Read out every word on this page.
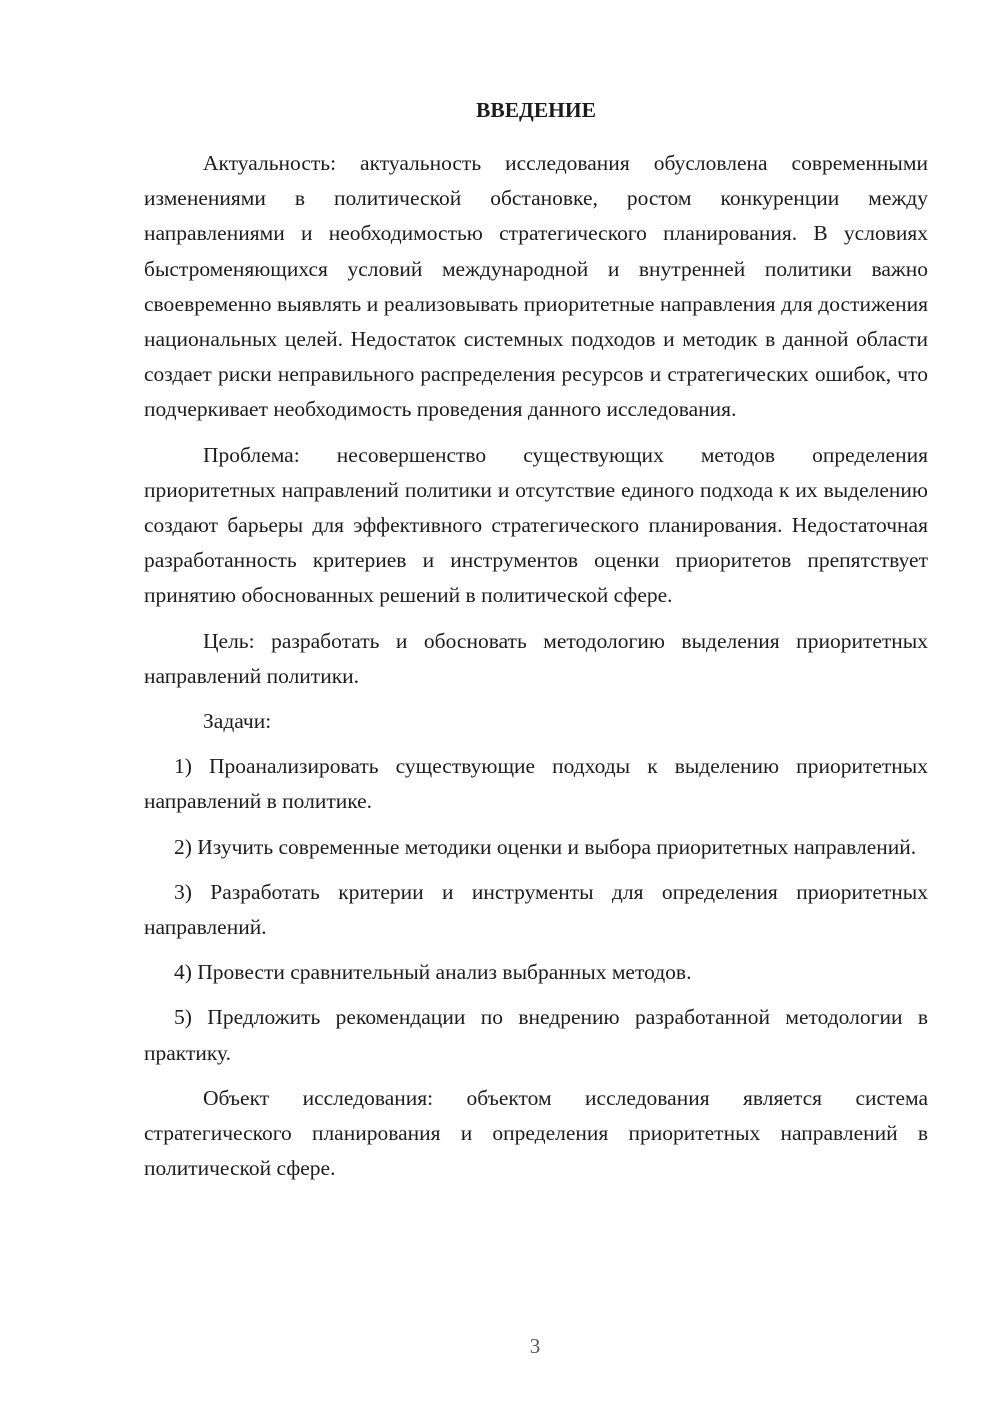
ВВЕДЕНИЕ

Актуальность: актуальность исследования обусловлена современными изменениями в политической обстановке, ростом конкуренции между направлениями и необходимостью стратегического планирования. В условиях быстроменяющихся условий международной и внутренней политики важно своевременно выявлять и реализовывать приоритетные направления для достижения национальных целей. Недостаток системных подходов и методик в данной области создает риски неправильного распределения ресурсов и стратегических ошибок, что подчеркивает необходимость проведения данного исследования.

Проблема: несовершенство существующих методов определения приоритетных направлений политики и отсутствие единого подхода к их выделению создают барьеры для эффективного стратегического планирования. Недостаточная разработанность критериев и инструментов оценки приоритетов препятствует принятию обоснованных решений в политической сфере.

Цель: разработать и обосновать методологию выделения приоритетных направлений политики.

Задачи:

1) Проанализировать существующие подходы к выделению приоритетных направлений в политике.

2) Изучить современные методики оценки и выбора приоритетных направлений.

3) Разработать критерии и инструменты для определения приоритетных направлений.

4) Провести сравнительный анализ выбранных методов.

5) Предложить рекомендации по внедрению разработанной методологии в практику.

Объект исследования: объектом исследования является система стратегического планирования и определения приоритетных направлений в политической сфере.

3
